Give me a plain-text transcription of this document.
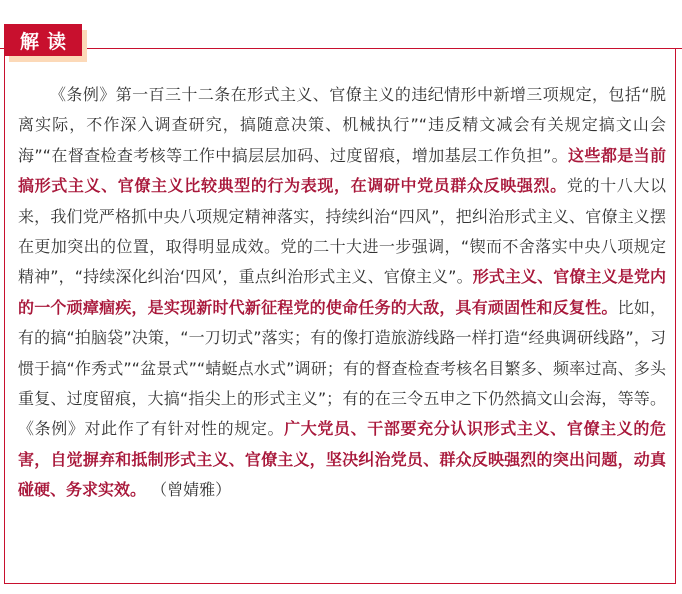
解读

《条例》第一百三十二条在形式主义、官僚主义的违纪情形中新增三项规定，包括“脱离实际，不作深入调查研究，搞随意决策、机械执行”“违反精文减会有关规定搞文山会海”“在督查检查考核等工作中搞层层加码、过度留痕，增加基层工作负担”。这些都是当前搞形式主义、官僚主义比较典型的行为表现，在调研中党员群众反映强烈。党的十八大以来，我们党严格抓中央八项规定精神落实，持续纠治“四风”，把纠治形式主义、官僚主义摆在更加突出的位置，取得明显成效。党的二十大进一步强调，“锲而不舍落实中央八项规定精神”，“持续深化纠治‘四风’，重点纠治形式主义、官僚主义”。形式主义、官僚主义是党内的一个顽瘴痼疾，是实现新时代新征程党的使命任务的大敌，具有顽固性和反复性。比如，有的搞“拍脑袋”决策，“一刀切式”落实；有的像打造旅游线路一样打造“经典调研线路”，习惯于搞“作秀式”“盆景式”“蜻蜓点水式”调研；有的督查检查考核名目繁多、频率过高、多头重复、过度留痕，大搞“指尖上的形式主义”；有的在三令五申之下仍然搞文山会海，等等。《条例》对此作了有针对性的规定。广大党员、干部要充分认识形式主义、官僚主义的危害，自觉摒弃和抵制形式主义、官僚主义，坚决纠治党员、群众反映强烈的突出问题，动真碰硬、务求实效。 （曾婧雅）
